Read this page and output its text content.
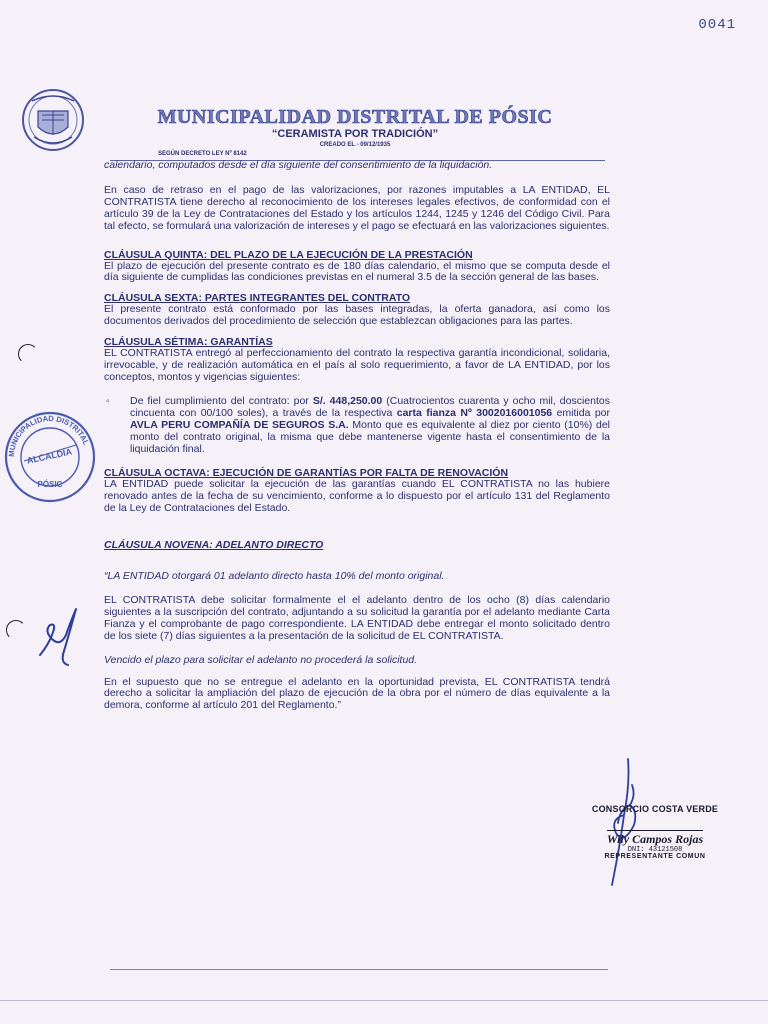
0041
MUNICIPALIDAD DISTRITAL DE PÓSIC
“CERAMISTA POR TRADICIÓN”
CREADO EL - 09/12/1935
SEGÚN DECRETO LEY Nº 8142

calendario, computados desde el día siguiente del consentimiento de la liquidación.

En caso de retraso en el pago de las valorizaciones, por razones imputables a LA ENTIDAD, EL CONTRATISTA tiene derecho al reconocimiento de los intereses legales efectivos, de conformidad con el artículo 39 de la Ley de Contrataciones del Estado y los artículos 1244, 1245 y 1246 del Código Civil. Para tal efecto, se formulará una valorización de intereses y el pago se efectuará en las valorizaciones siguientes.

CLÁUSULA QUINTA: DEL PLAZO DE LA EJECUCIÓN DE LA PRESTACIÓN

El plazo de ejecución del presente contrato es de 180 días calendario, el mismo que se computa desde el día siguiente de cumplidas las condiciones previstas en el numeral 3.5 de la sección general de las bases.

CLÁUSULA SEXTA: PARTES INTEGRANTES DEL CONTRATO

El presente contrato está conformado por las bases integradas, la oferta ganadora, así como los documentos derivados del procedimiento de selección que establezcan obligaciones para las partes.

CLÁUSULA SÉTIMA: GARANTÍAS

EL CONTRATISTA entregó al perfeccionamiento del contrato la respectiva garantía incondicional, solidaria, irrevocable, y de realización automática en el país al solo requerimiento, a favor de LA ENTIDAD, por los conceptos, montos y vigencias siguientes:

◦	De fiel cumplimiento del contrato: por S/. 448,250.00 (Cuatrocientos cuarenta y ocho mil, doscientos cincuenta con 00/100 soles), a través de la respectiva carta fianza Nº 3002016001056 emitida por AVLA PERU COMPAÑÍA DE SEGUROS S.A. Monto que es equivalente al diez por ciento (10%) del monto del contrato original, la misma que debe mantenerse vigente hasta el consentimiento de la liquidación final.
CLÁUSULA OCTAVA: EJECUCIÓN DE GARANTÍAS POR FALTA DE RENOVACIÓN

LA ENTIDAD puede solicitar la ejecución de las garantías cuando EL CONTRATISTA no las hubiere renovado antes de la fecha de su vencimiento, conforme a lo dispuesto por el artículo 131 del Reglamento de la Ley de Contrataciones del Estado.

CLÁUSULA NOVENA: ADELANTO DIRECTO

“LA ENTIDAD otorgará 01 adelanto directo hasta 10% del monto original.

EL CONTRATISTA debe solicitar formalmente el el adelanto dentro de los ocho (8) días calendario siguientes a la suscripción del contrato, adjuntando a su solicitud la garantía por el adelanto mediante Carta Fianza y el comprobante de pago correspondiente. LA ENTIDAD debe entregar el monto solicitado dentro de los siete (7) días siguientes a la presentación de la solicitud de EL CONTRATISTA.

Vencido el plazo para solicitar el adelanto no procederá la solicitud.

En el supuesto que no se entregue el adelanto en la oportunidad prevista, EL CONTRATISTA tendrá derecho a solicitar la ampliación del plazo de ejecución de la obra por el número de días equivalente a la demora, conforme al artículo 201 del Reglamento.”

MUNICIPALIDAD DISTRITAL
ALCALDÍA
PÓSIC
CONSORCIO COSTA VERDE
Wily Campos Rojas
DNI: 43121508
REPRESENTANTE COMUN
